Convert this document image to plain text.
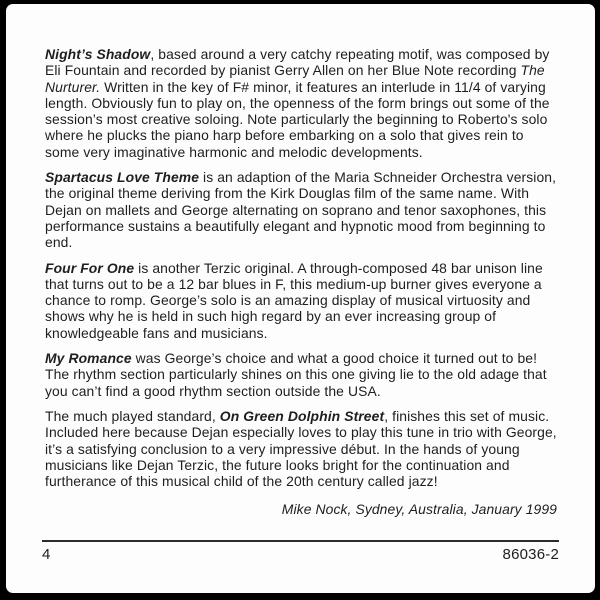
Night’s Shadow, based around a very catchy repeating motif, was composed by Eli Fountain and recorded by pianist Gerry Allen on her Blue Note recording The Nurturer. Written in the key of F# minor, it features an interlude in 11/4 of varying length. Obviously fun to play on, the openness of the form brings out some of the session’s most creative soloing. Note particularly the beginning to Roberto's solo where he plucks the piano harp before embarking on a solo that gives rein to some very imaginative harmonic and melodic developments.

Spartacus Love Theme is an adaption of the Maria Schneider Orchestra version, the original theme deriving from the Kirk Douglas film of the same name. With Dejan on mallets and George alternating on soprano and tenor saxophones, this performance sustains a beautifully elegant and hypnotic mood from beginning to end.

Four For One is another Terzic original. A through-composed 48 bar unison line that turns out to be a 12 bar blues in F, this medium-up burner gives everyone a chance to romp. George’s solo is an amazing display of musical virtuosity and shows why he is held in such high regard by an ever increasing group of knowledgeable fans and musicians.

My Romance was George’s choice and what a good choice it turned out to be! The rhythm section particularly shines on this one giving lie to the old adage that you can’t find a good rhythm section outside the USA.

The much played standard, On Green Dolphin Street, finishes this set of music. Included here because Dejan especially loves to play this tune in trio with George, it’s a satisfying conclusion to a very impressive début. In the hands of young musicians like Dejan Terzic, the future looks bright for the continuation and furtherance of this musical child of the 20th century called jazz!

Mike Nock, Sydney, Australia, January 1999
4	86036-2
